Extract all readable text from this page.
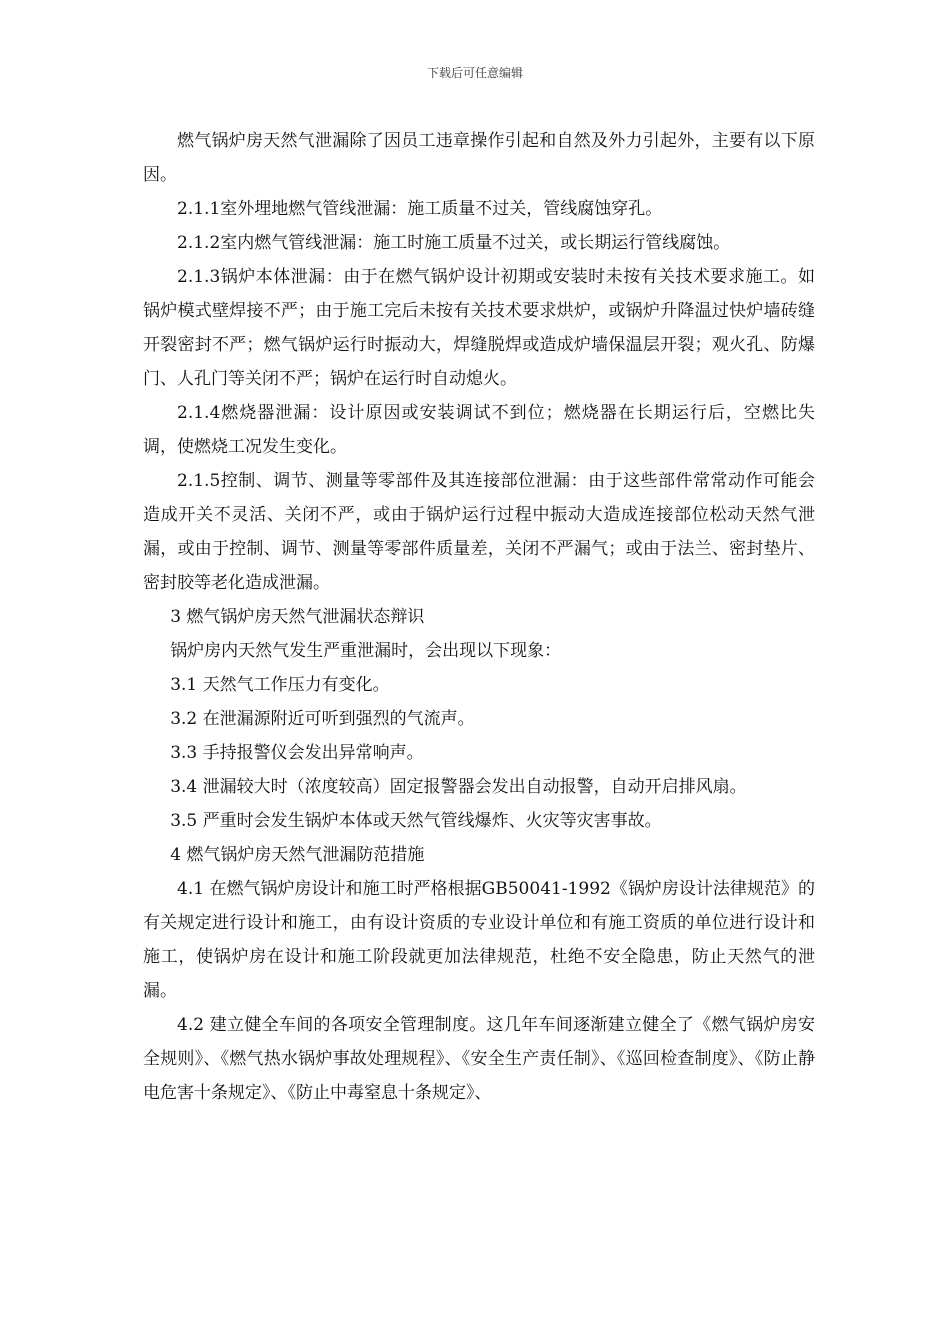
下载后可任意编辑

燃气锅炉房天然气泄漏除了因员工违章操作引起和自然及外力引起外，主要有以下原因。

2.1.1室外埋地燃气管线泄漏：施工质量不过关，管线腐蚀穿孔。

2.1.2室内燃气管线泄漏：施工时施工质量不过关，或长期运行管线腐蚀。

2.1.3锅炉本体泄漏：由于在燃气锅炉设计初期或安装时未按有关技术要求施工。如锅炉模式壁焊接不严；由于施工完后未按有关技术要求烘炉，或锅炉升降温过快炉墙砖缝开裂密封不严；燃气锅炉运行时振动大，焊缝脱焊或造成炉墙保温层开裂；观火孔、防爆门、人孔门等关闭不严；锅炉在运行时自动熄火。

2.1.4燃烧器泄漏：设计原因或安装调试不到位；燃烧器在长期运行后，空燃比失调，使燃烧工况发生变化。

2.1.5控制、调节、测量等零部件及其连接部位泄漏：由于这些部件常常动作可能会造成开关不灵活、关闭不严，或由于锅炉运行过程中振动大造成连接部位松动天然气泄漏，或由于控制、调节、测量等零部件质量差，关闭不严漏气；或由于法兰、密封垫片、密封胶等老化造成泄漏。

3 燃气锅炉房天然气泄漏状态辩识

锅炉房内天然气发生严重泄漏时，会出现以下现象：

3.1 天然气工作压力有变化。

3.2 在泄漏源附近可听到强烈的气流声。

3.3 手持报警仪会发出异常响声。

3.4 泄漏较大时（浓度较高）固定报警器会发出自动报警，自动开启排风扇。

3.5 严重时会发生锅炉本体或天然气管线爆炸、火灾等灾害事故。

4 燃气锅炉房天然气泄漏防范措施

4.1 在燃气锅炉房设计和施工时严格根据GB50041-1992《锅炉房设计法律规范》的有关规定进行设计和施工，由有设计资质的专业设计单位和有施工资质的单位进行设计和施工，使锅炉房在设计和施工阶段就更加法律规范，杜绝不安全隐患，防止天然气的泄漏。

4.2 建立健全车间的各项安全管理制度。这几年车间逐渐建立健全了《燃气锅炉房安全规则》、《燃气热水锅炉事故处理规程》、《安全生产责任制》、《巡回检查制度》、《防止静电危害十条规定》、《防止中毒窒息十条规定》、
